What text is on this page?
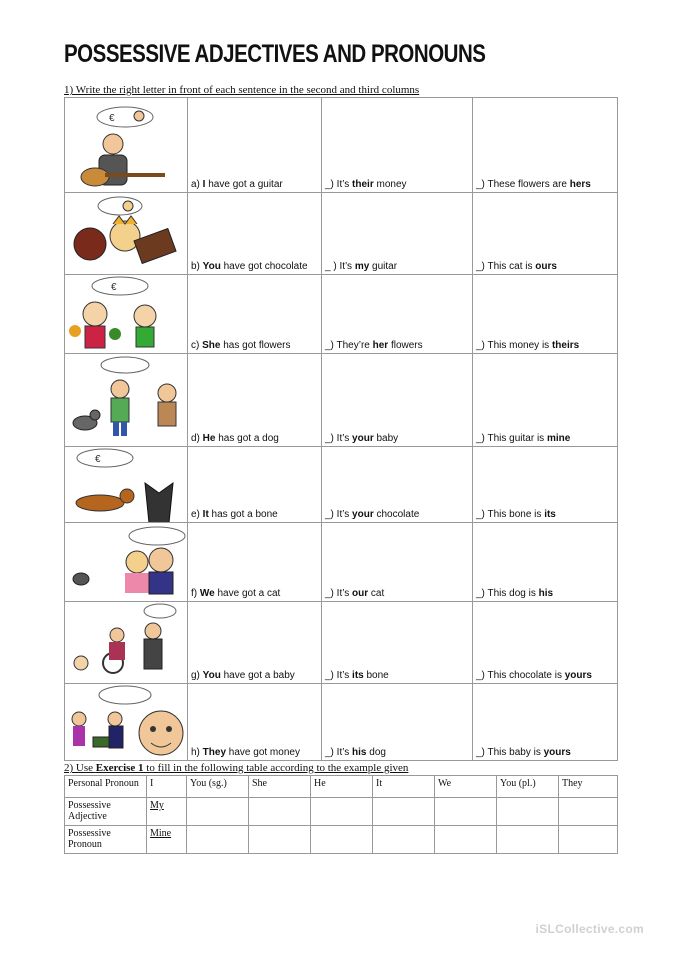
POSSESSIVE ADJECTIVES AND PRONOUNS
1) Write the right letter in front of each sentence in the second and third columns
€	a) I have got a guitar	_) It’s their money	_) These flowers are hers

	b) You have got chocolate	_ ) It’s my guitar	_) This cat is ours

€	c) She has got flowers	_) They’re her flowers	_) This money is theirs

	d) He has got a dog	_) It’s your baby	_) This guitar is mine

€	e) It has got a bone	_) It’s your chocolate	_) This bone is its

	f) We have got a cat	_) It’s our cat	_) This dog is his

	g) You have got a baby	_) It’s its bone	_) This chocolate is yours

	h) They have got money	_) It’s his dog	_) This baby is yours
2) Use Exercise 1 to fill in the following table according to the example given
Personal Pronoun	I	You (sg.)	She	He	It	We	You (pl.)	They
Possessive Adjective	My							
Possessive Pronoun	Mine							
iSLCollective.com
